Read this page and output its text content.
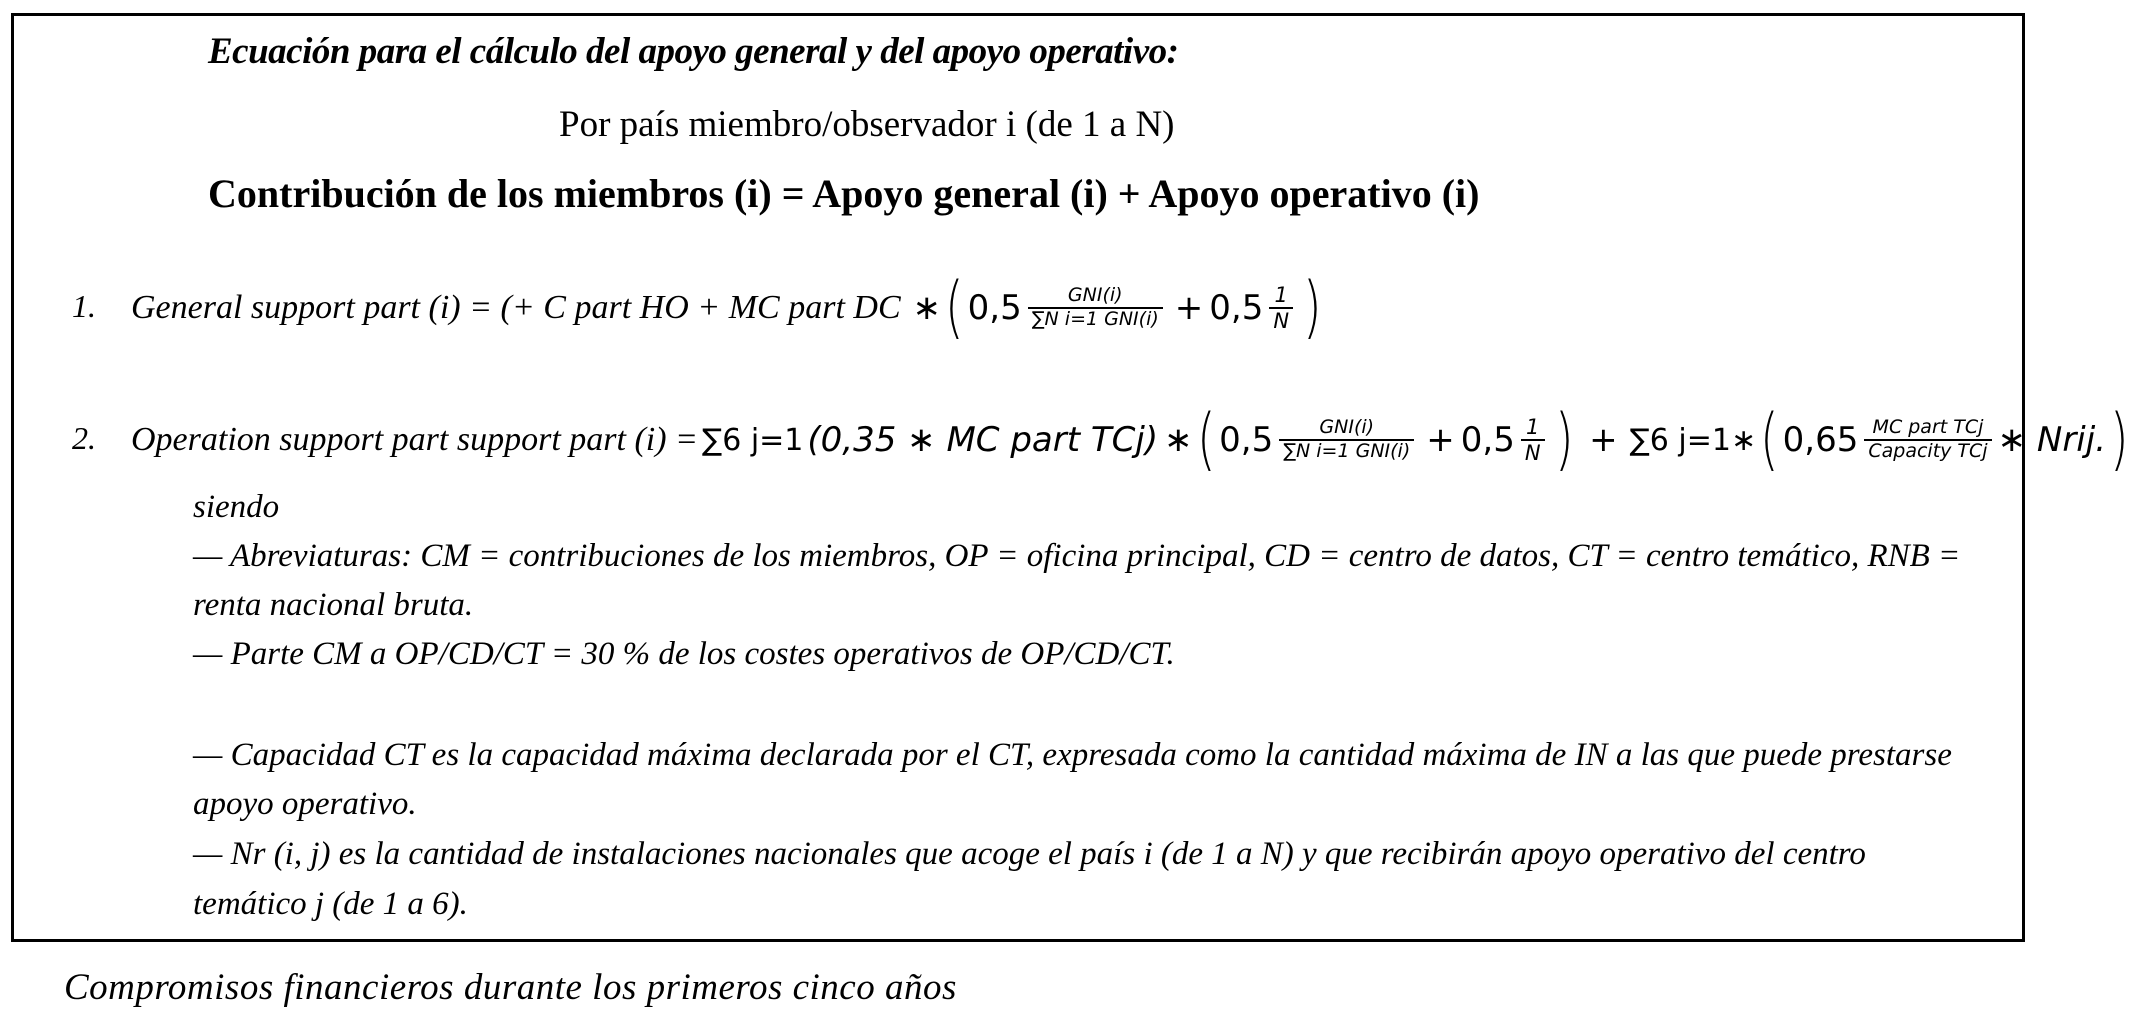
Ecuación para el cálculo del apoyo general y del apoyo operativo:
Por país miembro/observador i (de 1 a N)
Contribución de los miembros (i) = Apoyo general (i) + Apoyo operativo (i)
1. General support part (i) = (+ C part HO + MC part DC ∗ ( $0,5 \frac{\text{GNI(i)}}{\text{∑N i=1 GNI(i)}} + 0,5 \frac{1}{N}$ )
2. Operation support part support part (i) = ∑6 j=1 (0,35 ∗ MC part TCj) ∗ ( $0,5 \frac{\text{GNI(i)}}{\text{∑N i=1 GNI(i)}} + 0,5 \frac{1}{N}$ ) + ∑6 j=1∗ ( $0,65 \frac{\text{MC part TCj}}{\text{Capacity TCj}}$ ∗ Nrij. )
siendo
— Abreviaturas: CM = contribuciones de los miembros, OP = oficina principal, CD = centro de datos, CT = centro temático, RNB =
renta nacional bruta.
— Parte CM a OP/CD/CT = 30 % de los costes operativos de OP/CD/CT.
— Capacidad CT es la capacidad máxima declarada por el CT, expresada como la cantidad máxima de IN a las que puede prestarse
apoyo operativo.
— Nr (i, j) es la cantidad de instalaciones nacionales que acoge el país i (de 1 a N) y que recibirán apoyo operativo del centro
temático j (de 1 a 6).
Compromisos financieros durante los primeros cinco años
